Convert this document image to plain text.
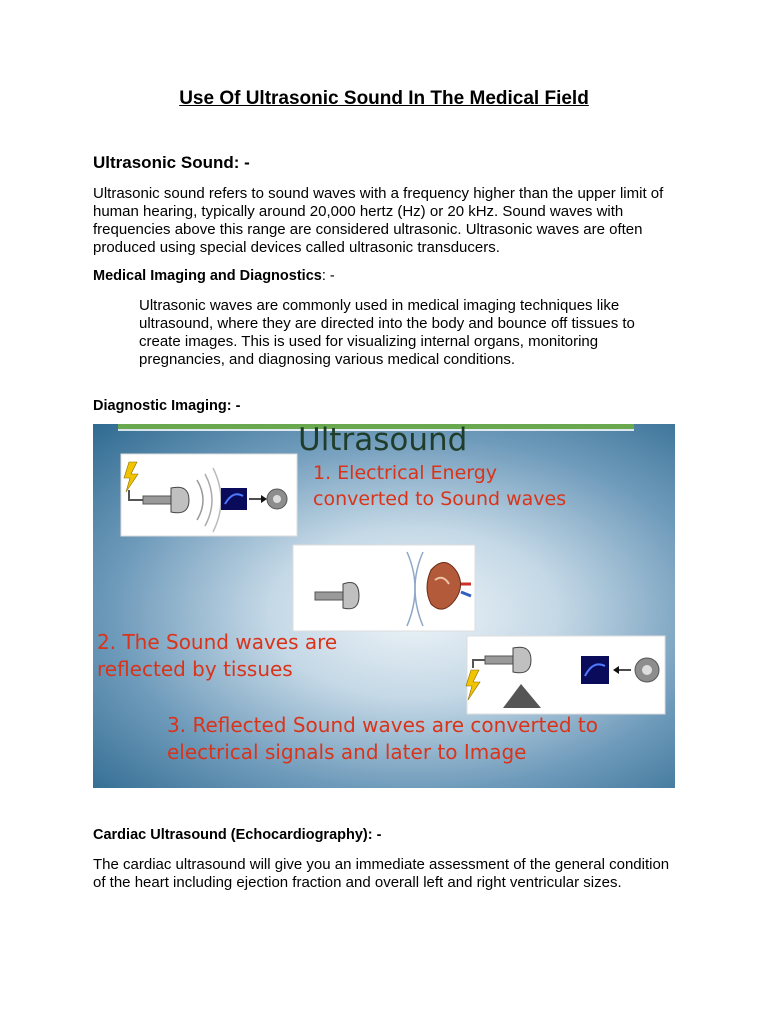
Use Of Ultrasonic Sound In The Medical Field
Ultrasonic Sound: -

Ultrasonic sound refers to sound waves with a frequency higher than the upper limit of human hearing, typically around 20,000 hertz (Hz) or 20 kHz. Sound waves with frequencies above this range are considered ultrasonic. Ultrasonic waves are often produced using special devices called ultrasonic transducers.

Medical Imaging and Diagnostics: -

Ultrasonic waves are commonly used in medical imaging techniques like ultrasound, where they are directed into the body and bounce off tissues to create images. This is used for visualizing internal organs, monitoring pregnancies, and diagnosing various medical conditions.

Diagnostic Imaging: -

Ultrasound
1. Electrical Energy
converted to Sound waves
2. The Sound waves are
reflected by tissues
3. Reflected Sound waves are converted to
electrical signals and later to Image

Cardiac Ultrasound (Echocardiography): -

The cardiac ultrasound will give you an immediate assessment of the general condition of the heart including ejection fraction and overall left and right ventricular sizes.
